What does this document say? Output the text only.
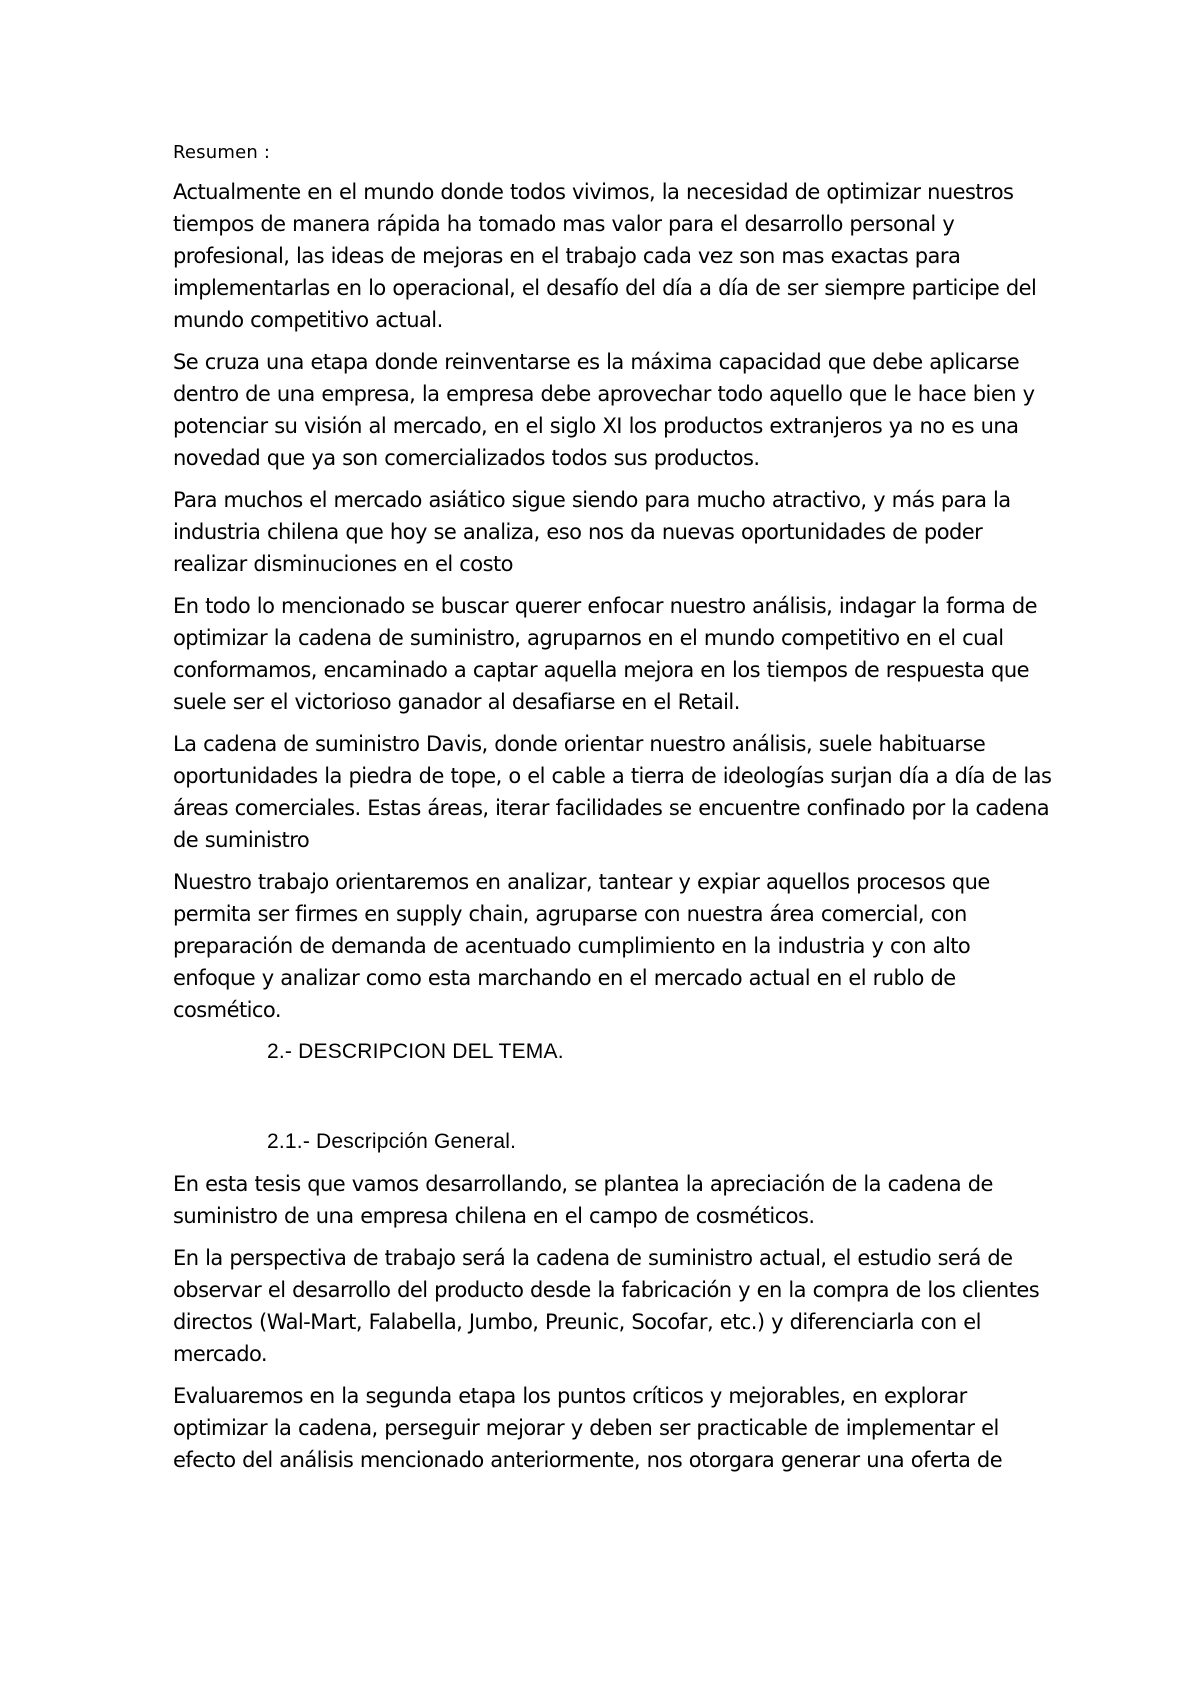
Resumen :

Actualmente en el mundo donde todos vivimos, la necesidad de optimizar nuestros tiempos de manera rápida ha tomado mas valor para el desarrollo personal y profesional, las ideas de mejoras en el trabajo cada vez son mas exactas para implementarlas en lo operacional, el desafío del día a día de ser siempre participe del mundo competitivo actual.

Se cruza una etapa donde reinventarse es la máxima capacidad que debe aplicarse dentro de una empresa, la empresa debe aprovechar todo aquello que le hace bien y potenciar su visión al mercado, en el siglo XI los productos extranjeros ya no es una novedad que ya son comercializados todos sus productos.

Para muchos el mercado asiático sigue siendo para mucho atractivo, y más para la industria chilena que hoy se analiza, eso nos da nuevas oportunidades de poder realizar disminuciones en el costo

En todo lo mencionado se buscar querer enfocar nuestro análisis, indagar la forma de optimizar la cadena de suministro, agruparnos en el mundo competitivo en el cual conformamos, encaminado a captar aquella mejora en los tiempos de respuesta que suele ser el victorioso ganador al desafiarse en el Retail.

La cadena de suministro Davis, donde orientar nuestro análisis, suele habituarse oportunidades la piedra de tope, o el cable a tierra de ideologías surjan día a día de las áreas comerciales. Estas áreas, iterar facilidades se encuentre confinado por la cadena de suministro

Nuestro trabajo orientaremos en analizar, tantear y expiar aquellos procesos que permita ser firmes en supply chain, agruparse con nuestra área comercial, con preparación de demanda de acentuado cumplimiento en la industria y con alto enfoque y analizar como esta marchando en el mercado actual en el rublo de cosmético.

2.- DESCRIPCION DEL TEMA.

2.1.- Descripción General.

En esta tesis que vamos desarrollando, se plantea la apreciación de la cadena de suministro de una empresa chilena en el campo de cosméticos.

En la perspectiva de trabajo será la cadena de suministro actual, el estudio será de observar el desarrollo del producto desde la fabricación y en la compra de los clientes directos (Wal-Mart, Falabella, Jumbo, Preunic, Socofar, etc.) y diferenciarla con el mercado.

Evaluaremos en la segunda etapa los puntos críticos y mejorables, en explorar optimizar la cadena, perseguir mejorar y deben ser practicable de implementar el efecto del análisis mencionado anteriormente, nos otorgara generar una oferta de
